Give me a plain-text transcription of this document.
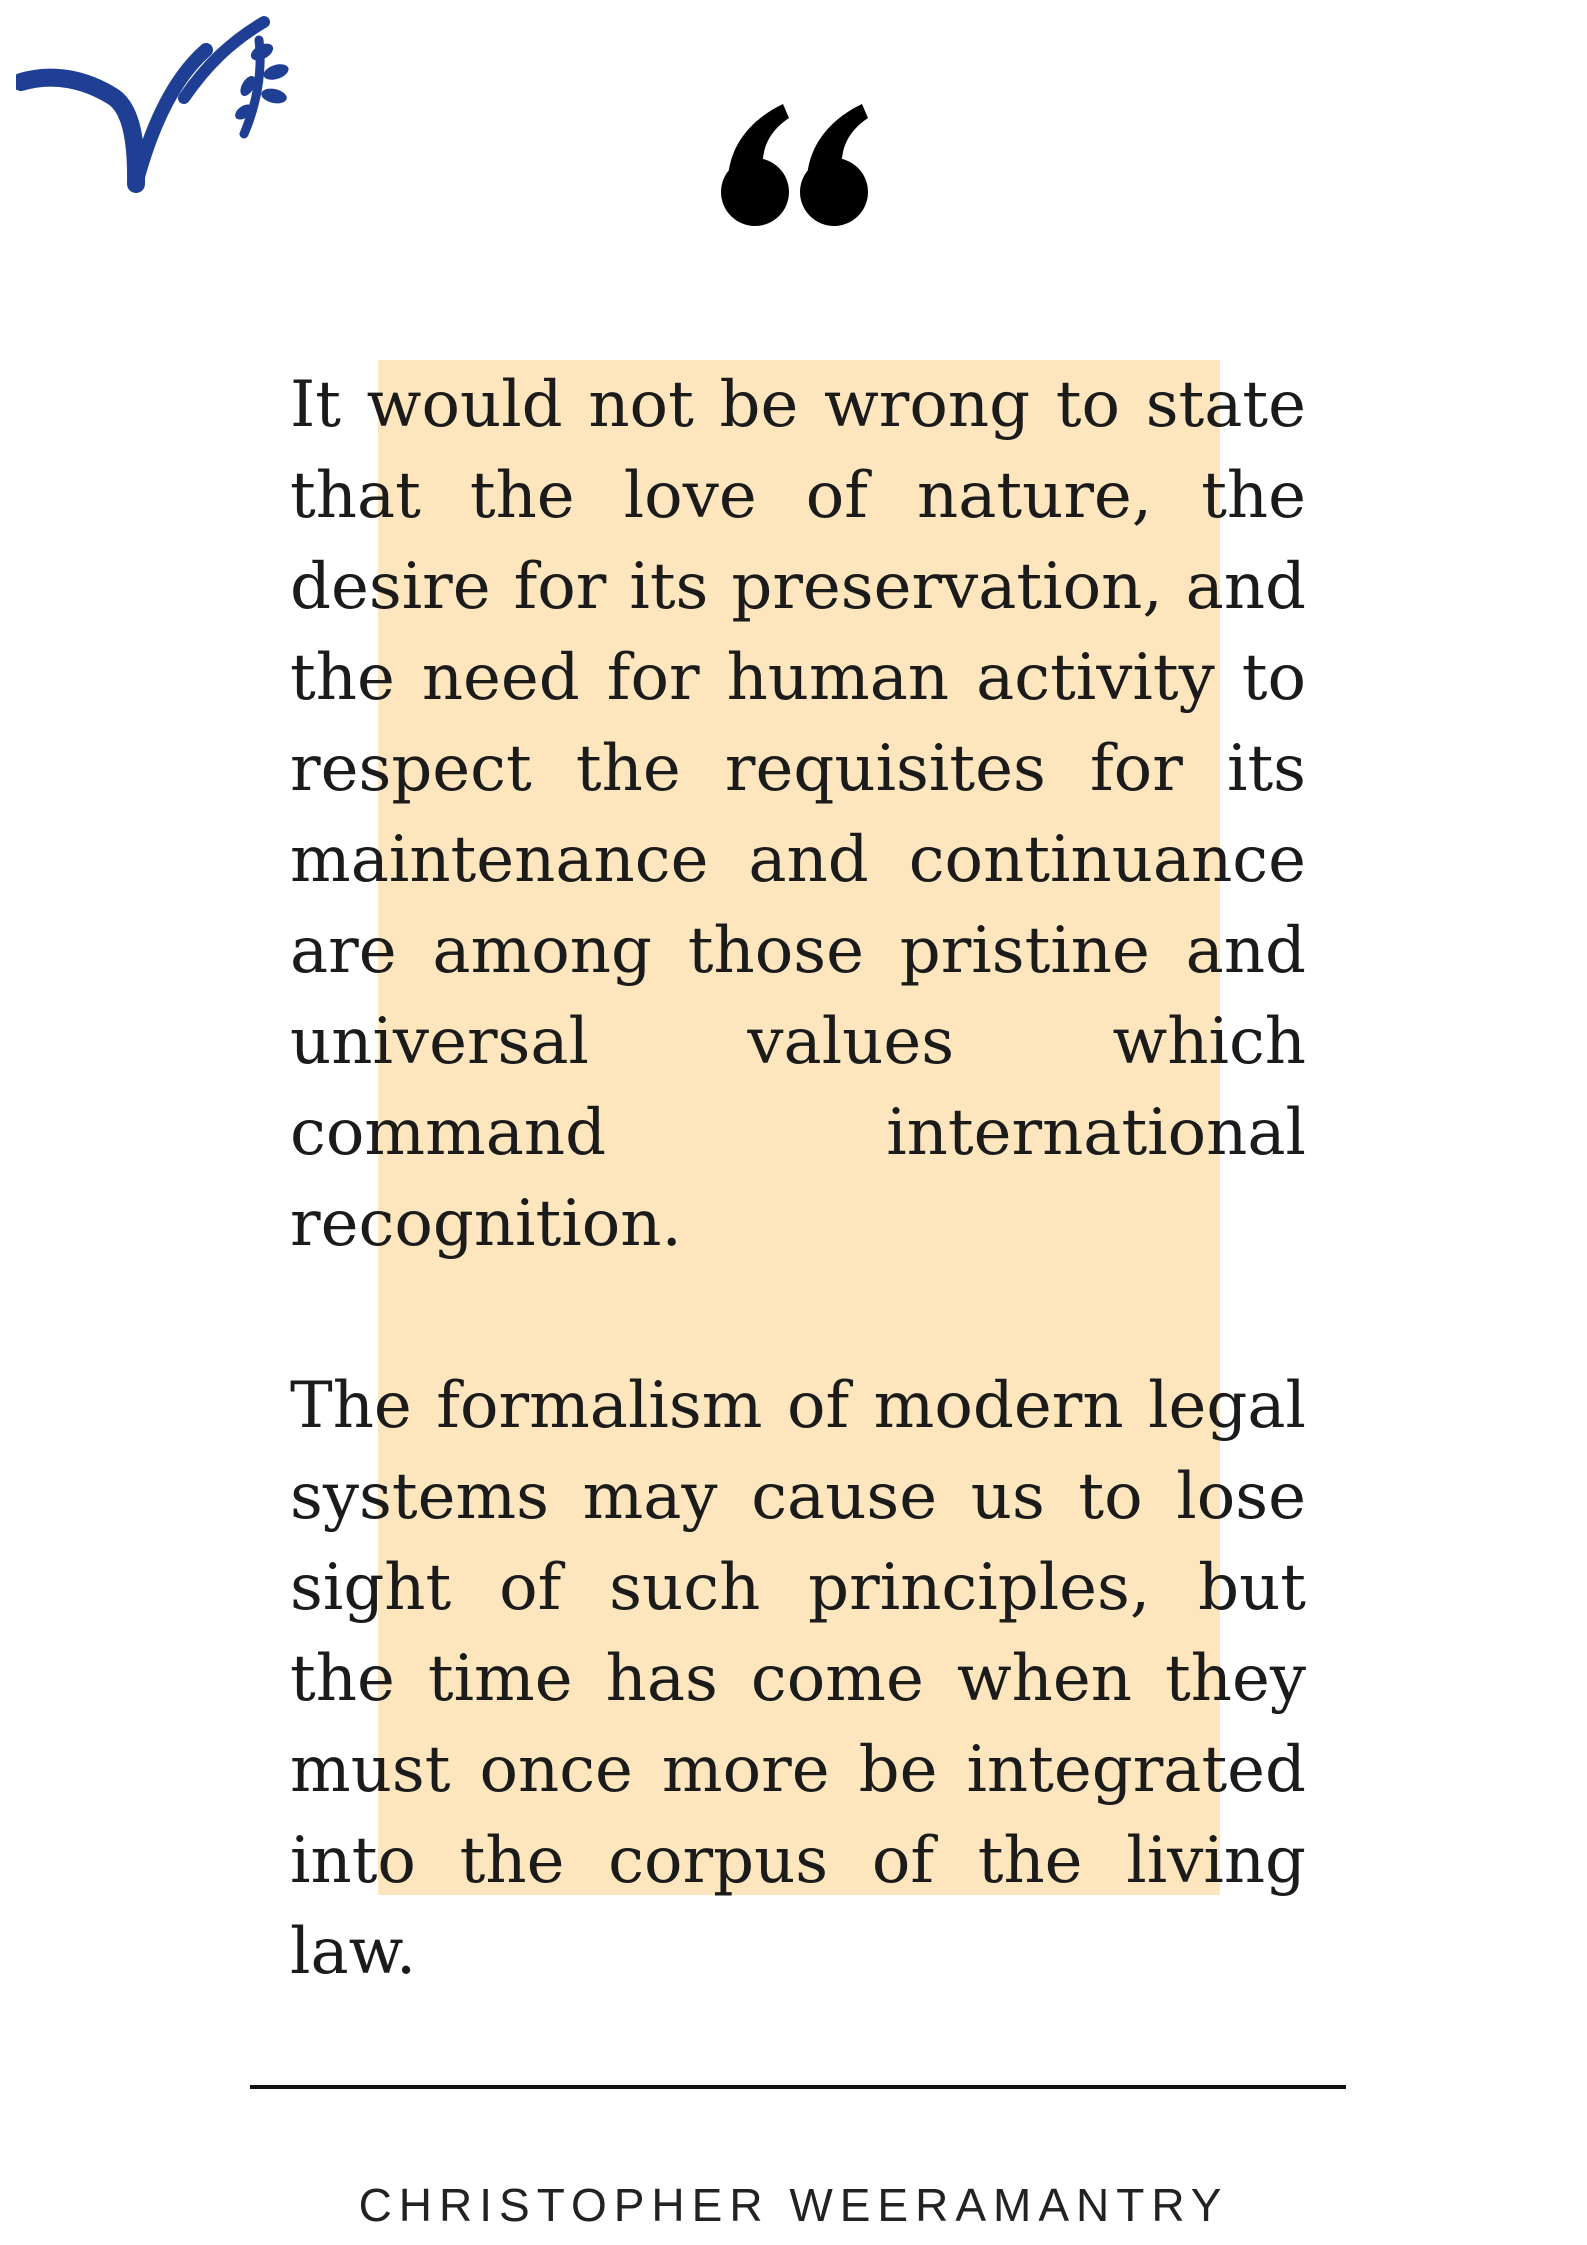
It would not be wrong to state that the love of nature, the desire for its preservation, and the need for human activity to respect the requisites for its maintenance and continuance are among those pristine and universal values which command international recognition.

The formalism of modern legal systems may cause us to lose sight of such principles, but the time has come when they must once more be integrated into the corpus of the living law.

CHRISTOPHER WEERAMANTRY
